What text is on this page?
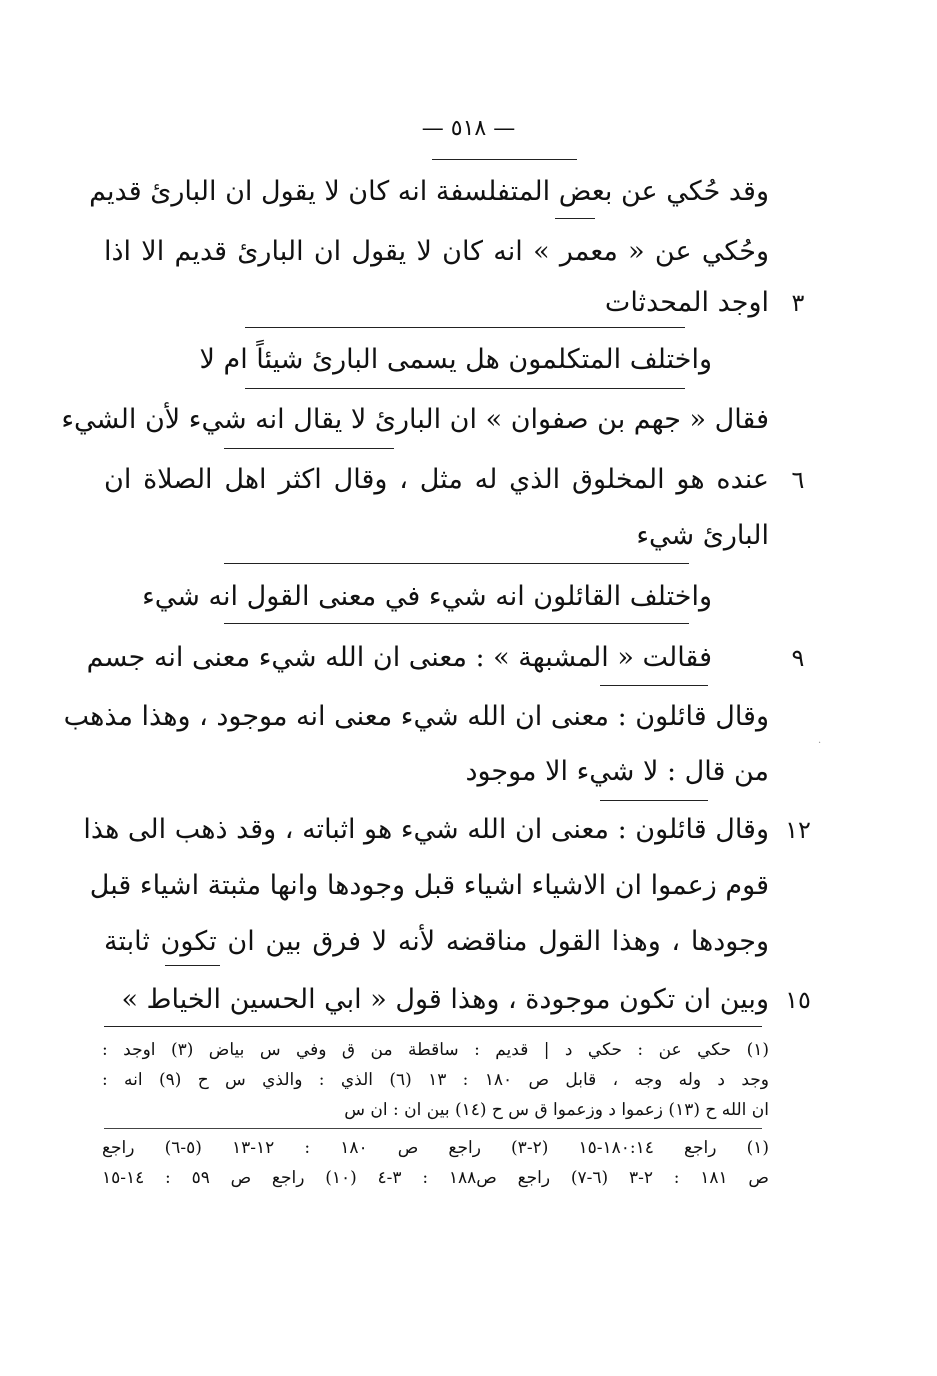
— ٥١٨ —
وقد حُكي عن بعض المتفلسفة انه كان لا يقول ان البارئ قديم
وحُكي عن « معمر » انه كان لا يقول ان البارئ قديم الا اذا
٣
اوجد المحدثات
واختلف المتكلمون هل يسمى البارئ شيئاً ام لا
فقال « جهم بن صفوان » ان البارئ لا يقال انه شيء لأن الشيء
٦
عنده هو المخلوق الذي له مثل ، وقال اكثر اهل الصلاة ان
البارئ شيء
واختلف القائلون انه شيء في معنى القول انه شيء
٩
فقالت « المشبهة » : معنى ان الله شيء معنى انه جسم
وقال قائلون : معنى ان الله شيء معنى انه موجود ، وهذا مذهب
من قال : لا شيء الا موجود
١٢
وقال قائلون : معنى ان الله شيء هو اثباته ، وقد ذهب الى هذا
قوم زعموا ان الاشياء اشياء قبل وجودها وانها مثبتة اشياء قبل
وجودها ، وهذا القول مناقضه لأنه لا فرق بين ان تكون ثابتة
١٥
وبين ان تكون موجودة ، وهذا قول « ابي الحسين الخياط »
(١) حكي عن : حكي د | قديم : ساقطة من ق وفي س بياض (٣) اوجد :
وجد د وله وجه ، قابل ص ١٨٠ : ١٣ (٦) الذي : والذي س ح (٩) انه :
ان الله ح (١٣) زعموا د وزعموا ق س ح (١٤) بين ان : ان س
(١) راجع ١٨٠:١٤-١٥ (٢-٣) راجع ص ١٨٠ : ١٢-١٣ (٥-٦) راجع
ص ١٨١ : ٢-٣ (٦-٧) راجع ص١٨٨ : ٣-٤ (١٠) راجع ص ٥٩ : ١٤-١٥
·
